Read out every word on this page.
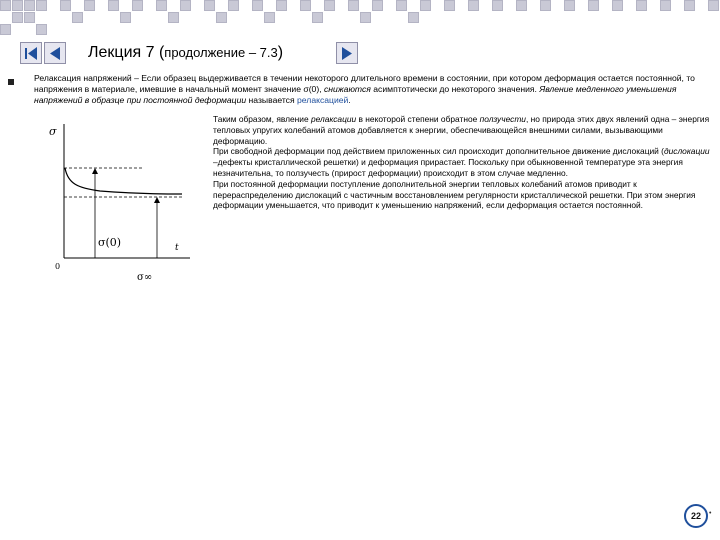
Лекция 7 (продолжение – 7.3)
Релаксация напряжений – Если образец выдерживается в течении некоторого длительного времени в состоянии, при котором деформация остается постоянной, то напряжения в материале, имевшие в начальный момент значение σ(0), снижаются асимптотически до некоторого значения. Явление медленного уменьшения напряжений в образце при постоянной деформации называется релаксацией.
σ
0
σ(0)	t
σ∞

Таким образом, явление релаксации в некоторой степени обратное ползучести, но природа этих двух явлений одна – энергия тепловых упругих колебаний атомов добавляется к энергии, обеспечивающейся внешними силами, вызывающими деформацию.

При свободной деформации под действием приложенных сил происходит дополнительное движение дислокаций (дислокации –дефекты кристаллической решетки) и деформация прирастает. Поскольку при обыкновенной температуре эта энергия незначительна, то ползучесть (прирост деформации) происходит в этом случае медленно.

При постоянной деформации поступление дополнительной энергии тепловых колебаний атомов приводит к перераспределению дислокаций с частичным восстановлением регулярности кристаллической решетки. При этом энергия деформации уменьшается, что приводит к уменьшению напряжений, если деформация остается постоянной.

22	•
